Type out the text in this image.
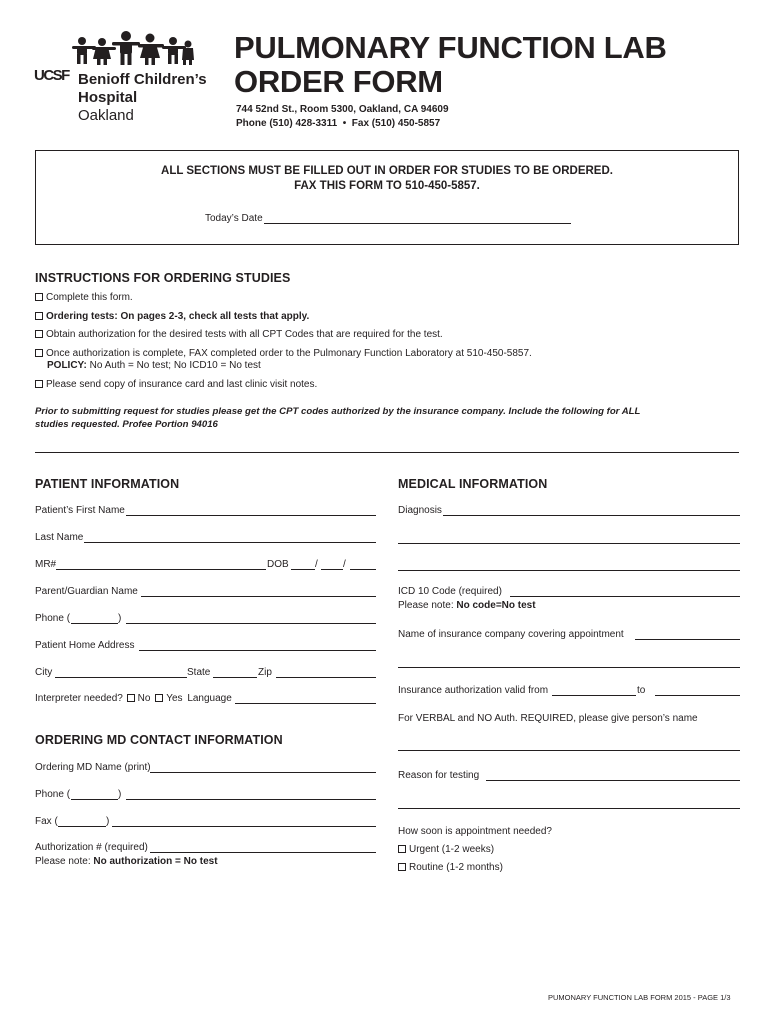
UCSF Benioff Children’s
Hospital
Oakland
PULMONARY FUNCTION LAB
ORDER FORM
744 52nd St., Room 5300, Oakland, CA 94609
Phone (510) 428-3311  •  Fax (510) 450-5857
ALL SECTIONS MUST BE FILLED OUT IN ORDER FOR STUDIES TO BE ORDERED.
FAX THIS FORM TO 510-450-5857.
Today’s Date
INSTRUCTIONS FOR ORDERING STUDIES
Complete this form.
Ordering tests: On pages 2-3, check all tests that apply.
Obtain authorization for the desired tests with all CPT Codes that are required for the test.
Once authorization is complete, FAX completed order to the Pulmonary Function Laboratory at 510-450-5857.
POLICY: No Auth = No test; No ICD10 = No test
Please send copy of insurance card and last clinic visit notes.
Prior to submitting request for studies please get the CPT codes authorized by the insurance company. Include the following for ALL
studies requested. Profee Portion 94016
PATIENT INFORMATION
Patient’s First Name
Last Name
MR#	DOB	/	/
Parent/Guardian Name
Phone (	)
Patient Home Address
City	State	Zip
Interpreter needed? No Yes Language
ORDERING MD CONTACT INFORMATION
Ordering MD Name (print)
Phone (	)
Fax (	)
Authorization # (required)
Please note: No authorization = No test
MEDICAL INFORMATION
Diagnosis
ICD 10 Code (required)
Please note: No code=No test
Name of insurance company covering appointment
Insurance authorization valid from	to
For VERBAL and NO Auth. REQUIRED, please give person’s name
Reason for testing
How soon is appointment needed?
Urgent (1-2 weeks)
Routine (1-2 months)
PUMONARY FUNCTION LAB FORM 2015 - PAGE 1/3
